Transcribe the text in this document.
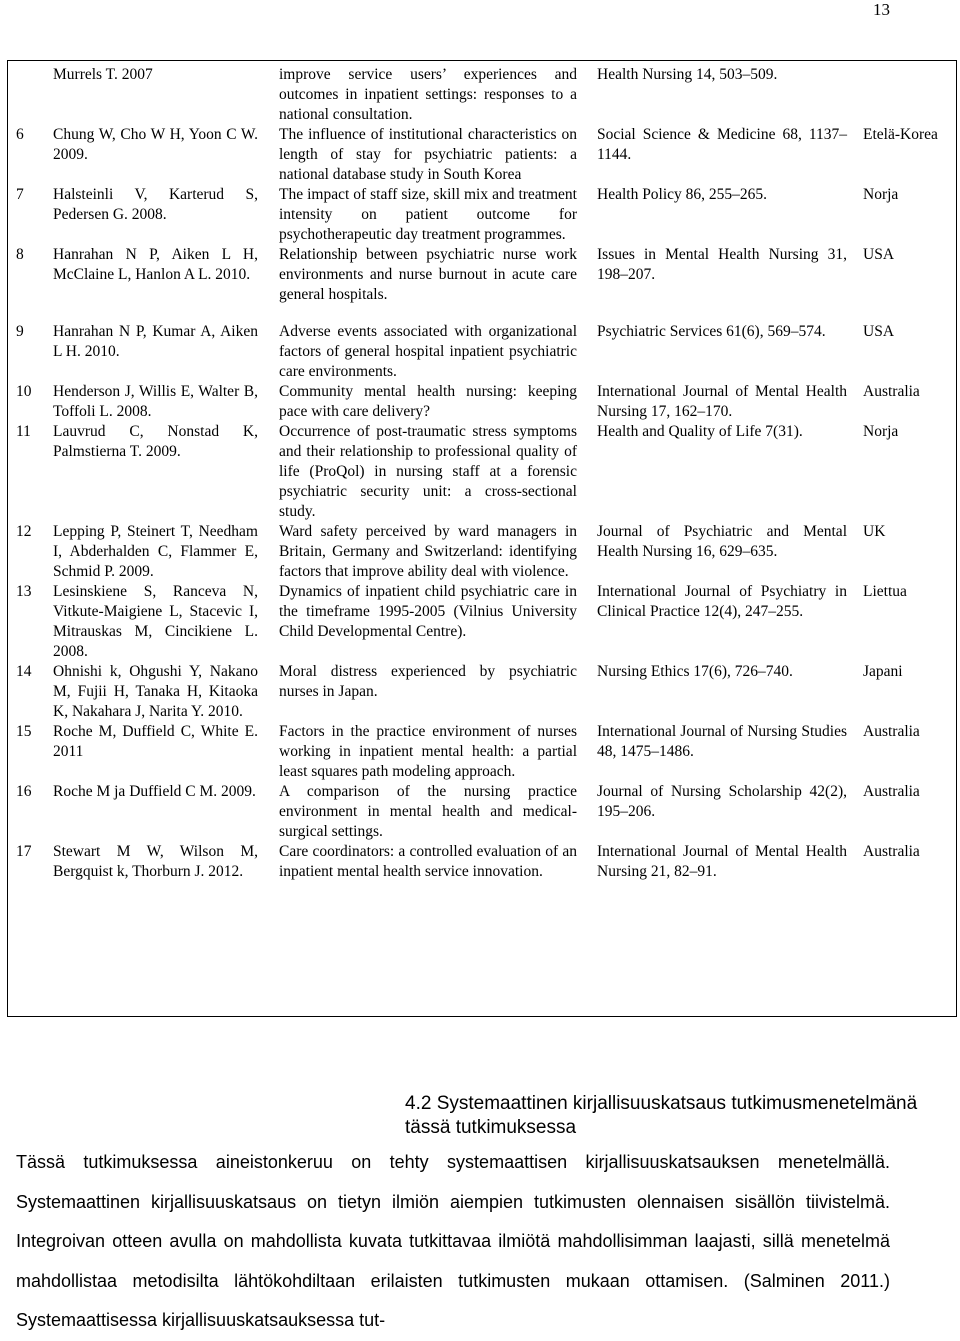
13
	Murrels T. 2007	improve service users’ experiences and outcomes in inpatient settings: responses to a national consultation.	Health Nursing 14, 503–509.	
6	Chung W, Cho W H, Yoon C W. 2009.	The influence of institutional characteristics on length of stay for psychiatric patients: a national database study in South Korea	Social Science & Medicine 68, 1137–1144.	Etelä-Korea
7	Halsteinli V, Karterud S, Pedersen G. 2008.	The impact of staff size, skill mix and treatment intensity on patient outcome for psychotherapeutic day treatment programmes.	Health Policy 86, 255–265.	Norja
8	Hanrahan N P, Aiken L H, McClaine L, Hanlon A L. 2010.	Relationship between psychiatric nurse work environments and nurse burnout in acute care general hospitals.	Issues in Mental Health Nursing 31, 198–207.	USA

9	Hanrahan N P, Kumar A, Aiken L H. 2010.	Adverse events associated with organizational factors of general hospital inpatient psychiatric care environments.	Psychiatric Services 61(6), 569–574.	USA
10	Henderson J, Willis E, Walter B, Toffoli L. 2008.	Community mental health nursing: keeping pace with care delivery?	International Journal of Mental Health Nursing 17, 162–170.	Australia
11	Lauvrud C, Nonstad K, Palmstierna T. 2009.	Occurrence of post-traumatic stress symptoms and their relationship to professional quality of life (ProQol) in nursing staff at a forensic psychiatric security unit: a cross-sectional study.	Health and Quality of Life 7(31).	Norja
12	Lepping P, Steinert T, Needham I, Abderhalden C, Flammer E, Schmid P. 2009.	Ward safety perceived by ward managers in Britain, Germany and Switzerland: identifying factors that improve ability deal with violence.	Journal of Psychiatric and Mental Health Nursing 16, 629–635.	UK
13	Lesinskiene S, Ranceva N, Vitkute-Maigiene L, Stacevic I, Mitrauskas M, Cincikiene L. 2008.	Dynamics of inpatient child psychiatric care in the timeframe 1995-2005 (Vilnius University Child Developmental Centre).	International Journal of Psychiatry in Clinical Practice 12(4), 247–255.	Liettua
14	Ohnishi k, Ohgushi Y, Nakano M, Fujii H, Tanaka H, Kitaoka K, Nakahara J, Narita Y. 2010.	Moral distress experienced by psychiatric nurses in Japan.	Nursing Ethics 17(6), 726–740.	Japani
15	Roche M, Duffield C, White E. 2011	Factors in the practice environment of nurses working in inpatient mental health: a partial least squares path modeling approach.	International Journal of Nursing Studies 48, 1475–1486.	Australia
16	Roche M ja Duffield C M. 2009.	A comparison of the nursing practice environment in mental health and medical-surgical settings.	Journal of Nursing Scholarship 42(2), 195–206.	Australia
17	Stewart M W, Wilson M, Bergquist k, Thorburn J. 2012.	Care coordinators: a controlled evaluation of an inpatient mental health service innovation.	International Journal of Mental Health Nursing 21, 82–91.	Australia
4.2 Systemaattinen kirjallisuuskatsaus tutkimusmenetelmänä tässä tutkimuksessa

Tässä tutkimuksessa aineistonkeruu on tehty systemaattisen kirjallisuuskatsauksen menetelmällä. Systemaattinen kirjallisuuskatsaus on tietyn ilmiön aiempien tutkimusten olennaisen sisällön tiivistelmä. Integroivan otteen avulla on mahdollista kuvata tutkittavaa ilmiötä mahdollisimman laajasti, sillä menetelmä mahdollistaa metodisilta lähtökohdiltaan erilaisten tutkimusten mukaan ottamisen. (Salminen 2011.) Systemaattisessa kirjallisuuskatsauksessa tut-
